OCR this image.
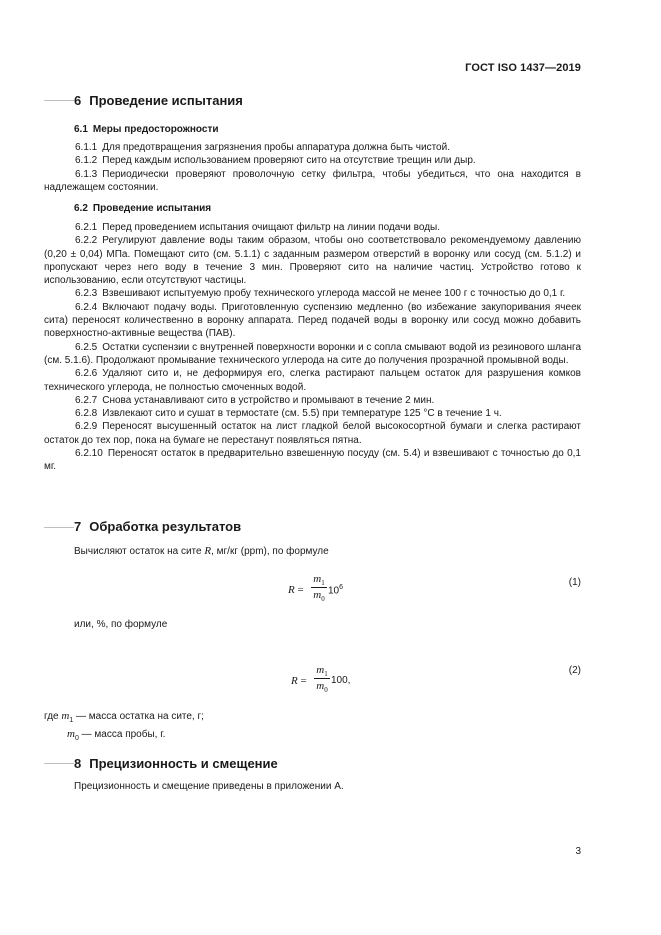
ГОСТ ISO 1437—2019
6 Проведение испытания
6.1 Меры предосторожности

6.1.1 Для предотвращения загрязнения пробы аппаратура должна быть чистой.

6.1.2 Перед каждым использованием проверяют сито на отсутствие трещин или дыр.

6.1.3 Периодически проверяют проволочную сетку фильтра, чтобы убедиться, что она находится в надлежащем состоянии.

6.2 Проведение испытания

6.2.1 Перед проведением испытания очищают фильтр на линии подачи воды.

6.2.2 Регулируют давление воды таким образом, чтобы оно соответствовало рекомендуемому давлению (0,20 ± 0,04) МПа. Помещают сито (см. 5.1.1) с заданным размером отверстий в воронку или сосуд (см. 5.1.2) и пропускают через него воду в течение 3 мин. Проверяют сито на наличие частиц. Устройство готово к использованию, если отсутствуют частицы.

6.2.3 Взвешивают испытуемую пробу технического углерода массой не менее 100 г с точностью до 0,1 г.

6.2.4 Включают подачу воды. Приготовленную суспензию медленно (во избежание закупоривания ячеек сита) переносят количественно в воронку аппарата. Перед подачей воды в воронку или сосуд можно добавить поверхностно-активные вещества (ПАВ).

6.2.5 Остатки суспензии с внутренней поверхности воронки и с сопла смывают водой из резинового шланга (см. 5.1.6). Продолжают промывание технического углерода на сите до получения прозрачной промывной воды.

6.2.6 Удаляют сито и, не деформируя его, слегка растирают пальцем остаток для разрушения комков технического углерода, не полностью смоченных водой.

6.2.7 Снова устанавливают сито в устройство и промывают в течение 2 мин.

6.2.8 Извлекают сито и сушат в термостате (см. 5.5) при температуре 125 °С в течение 1 ч.

6.2.9 Переносят высушенный остаток на лист гладкой белой высокосортной бумаги и слегка растирают остаток до тех пор, пока на бумаге не перестанут появляться пятна.

6.2.10 Переносят остаток в предварительно взвешенную посуду (см. 5.4) и взвешивают с точностью до 0,1 мг.

7 Обработка результатов
Вычисляют остаток на сите R, мг/кг (ppm), по формуле
R =
$m_1$
$m_0$
$10^6$	(1)
или, %, по формуле
R =
$m_1$
$m_0$
100,
(2)
где $m_1$ — масса остатка на сите, г;
$m_0$ — масса пробы, г.
8 Прецизионность и смещение
Прецизионность и смещение приведены в приложении А.
3
